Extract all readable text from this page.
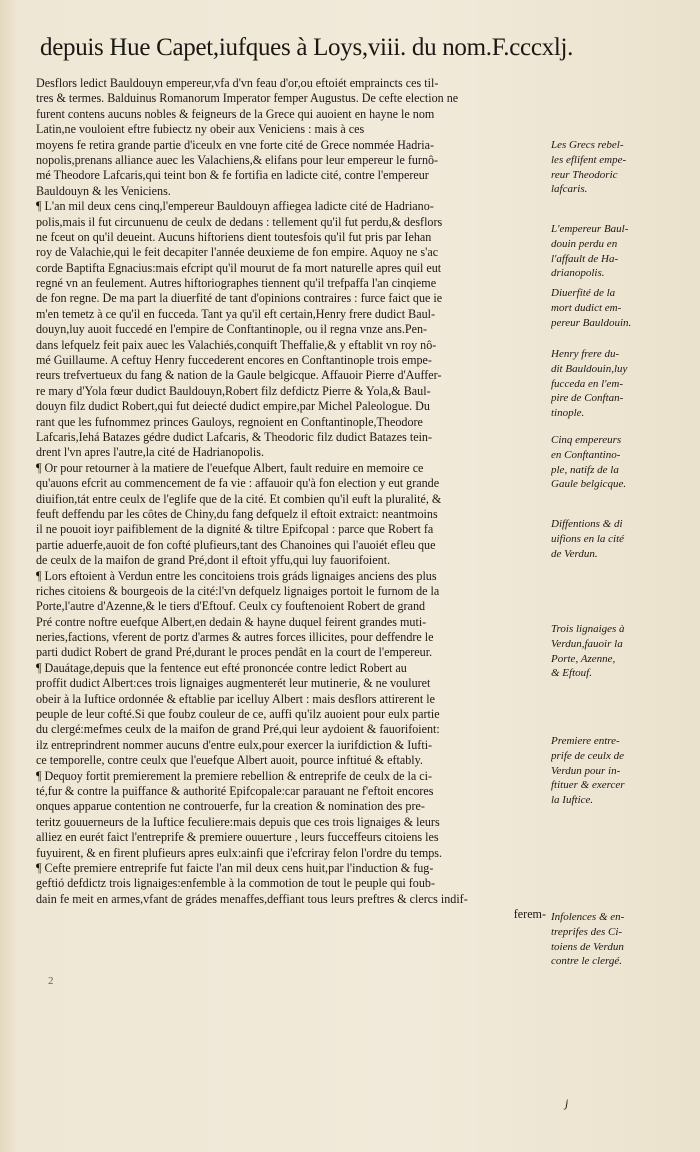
depuis Hue Capet,iufques à Loys,viii. du nom.F.cccxlj.
Desflors ledict Bauldouyn empereur,vfa d'vn feau d'or,ou eftoiét empraincts ces til-
tres & termes. Balduinus Romanorum Imperator femper Augustus. De cefte election ne
furent contens aucuns nobles & feigneurs de la Grece qui auoient en hayne le nom
Latin,ne vouloient eftre fubiectz ny obeir aux Veniciens : mais à ces
moyens fe retira grande partie d'iceulx en vne forte cité de Grece nommée Hadria-
nopolis,prenans alliance auec les Valachiens,& elifans pour leur empereur le furnô-
mé Theodore Lafcaris,qui teint bon & fe fortifia en ladicte cité, contre l'empereur
Bauldouyn & les Veniciens.
¶ L'an mil deux cens cinq,l'empereur Bauldouyn affiegea ladicte cité de Hadriano-
polis,mais il fut circunuenu de ceulx de dedans : tellement qu'il fut perdu,& desflors
ne fceut on qu'il deueint. Aucuns hiftoriens dient toutesfois qu'il fut pris par Iehan
roy de Valachie,qui le feit decapiter l'année deuxieme de fon empire. Aquoy ne s'ac
corde Baptifta Egnacius:mais efcript qu'il mourut de fa mort naturelle apres quil eut
regné vn an feulement. Autres hiftoriographes tiennent qu'il trefpaffa l'an cinqieme
de fon regne. De ma part la diuerfité de tant d'opinions contraires : furce faict que ie
m'en temetz à ce qu'il en fucceda. Tant ya qu'il eft certain,Henry frere dudict Baul-
douyn,luy auoit fuccedé en l'empire de Conftantinople, ou il regna vnze ans.Pen-
dans lefquelz feit paix auec les Valachiés,conquift Theffalie,& y eftablit vn roy nô-
mé Guillaume. A ceftuy Henry fuccederent encores en Conftantinople trois empe-
reurs trefvertueux du fang & nation de la Gaule belgicque. Affauoir Pierre d'Auffer-
re mary d'Yola fœur dudict Bauldouyn,Robert filz defdictz Pierre & Yola,& Baul-
douyn filz dudict Robert,qui fut deiecté dudict empire,par Michel Paleologue. Du
rant que les fufnommez princes Gauloys, regnoient en Conftantinople,Theodore
Lafcaris,Iehá Batazes gédre dudict Lafcaris, & Theodoric filz dudict Batazes tein-
drent l'vn apres l'autre,la cité de Hadrianopolis.
¶ Or pour retourner à la matiere de l'euefque Albert, fault reduire en memoire ce
qu'auons efcrit au commencement de fa vie : affauoir qu'à fon election y eut grande
diuifion,tát entre ceulx de l'eglife que de la cité. Et combien qu'il euft la pluralité, &
feuft deffendu par les côtes de Chiny,du fang defquelz il eftoit extraict: neantmoins
il ne pouoit ioyr paifiblement de la dignité & tiltre Epifcopal : parce que Robert fa
partie aduerfe,auoit de fon cofté plufieurs,tant des Chanoines qui l'auoiét efleu que
de ceulx de la maifon de grand Pré,dont il eftoit yffu,qui luy fauorifoient.
¶ Lors eftoient à Verdun entre les concitoiens trois gráds lignaiges anciens des plus
riches citoiens & bourgeois de la cité:l'vn defquelz lignaiges portoit le furnom de la
Porte,l'autre d'Azenne,& le tiers d'Eftouf. Ceulx cy fouftenoient Robert de grand
Pré contre noftre euefque Albert,en dedain & hayne duquel feirent grandes muti-
neries,factions, vferent de portz d'armes & autres forces illicites, pour deffendre le
parti dudict Robert de grand Pré,durant le proces pendât en la court de l'empereur.
¶ Dauátage,depuis que la fentence eut efté prononcée contre ledict Robert au
proffit dudict Albert:ces trois lignaiges augmenterét leur mutinerie, & ne vouluret
obeir à la Iuftice ordonnée & eftablie par icelluy Albert : mais desflors attirerent le
peuple de leur cofté.Si que foubz couleur de ce, auffi qu'ilz auoient pour eulx partie
du clergé:mefmes ceulx de la maifon de grand Pré,qui leur aydoient & fauorifoient:
ilz entreprindrent nommer aucuns d'entre eulx,pour exercer la iurifdiction & Iufti-
ce temporelle, contre ceulx que l'euefque Albert auoit, pource inftitué & eftably.
¶ Dequoy fortit premierement la premiere rebellion & entreprife de ceulx de la ci-
té,fur & contre la puiffance & authorité Epifcopale:car parauant ne f'eftoit encores
onques apparue contention ne controuerfe, fur la creation & nomination des pre-
teritz gouuerneurs de la Iuftice feculiere:mais depuis que ces trois lignaiges & leurs
alliez en eurét faict l'entreprife & premiere ouuerture , leurs fucceffeurs citoiens les
fuyuirent, & en firent plufieurs apres eulx:ainfi que i'efcriray felon l'ordre du temps.
¶ Cefte premiere entreprife fut faicte l'an mil deux cens huit,par l'induction & fug-
geftió defdictz trois lignaiges:enfemble à la commotion de tout le peuple qui foub-
dain fe meit en armes,vfant de grádes menaffes,deffiant tous leurs preftres & clercs indif-
ferem-
Les Grecs rebel-
les eflifent empe-
reur Theodoric
lafcaris.
L'empereur Baul-
douin perdu en
l'affault de Ha-
drianopolis.
Diuerfité de la
mort dudict em-
pereur Bauldouin.
Henry frere du-
dit Bauldouin,luy
fucceda en l'em-
pire de Conftan-
tinople.
Cinq empereurs
en Conftantino-
ple, natifz de la
Gaule belgicque.
Diffentions & di
uifions en la cité
de Verdun.
Trois lignaiges à
Verdun,fauoir la
Porte, Azenne,
& Eftouf.
Premiere entre-
prife de ceulx de
Verdun pour in-
ftituer & exercer
la Iuftice.
Infolences & en-
treprifes des Ci-
toiens de Verdun
contre le clergé.
2
j
